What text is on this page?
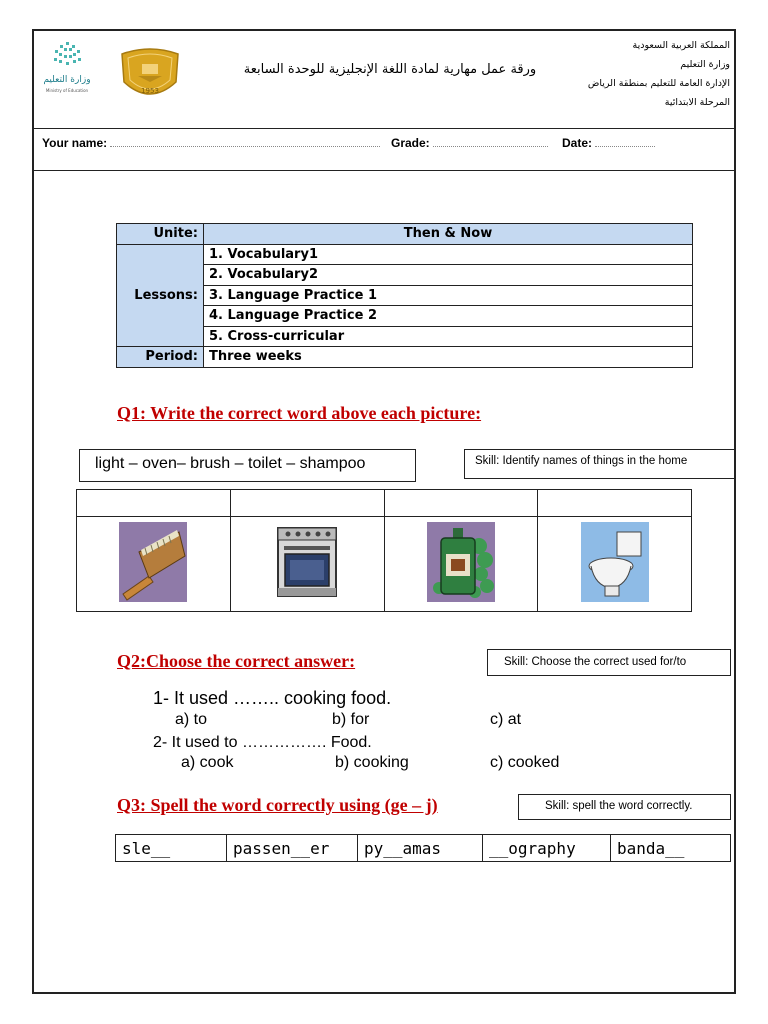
وزارة التعليم
Ministry of Education	1953
ورقة عمل مهارية لمادة اللغة الإنجليزية للوحدة السابعة
المملكة العربية السعودية
وزارة التعليم
الإدارة العامة للتعليم بمنطقة الرياض
المرحلة الابتدائية
Your name:	Grade:	Date:
Unite:	Then & Now
Lessons:	1. Vocabulary1
	2. Vocabulary2
	3. Language Practice 1
	4. Language Practice 2
	5. Cross-curricular
Period:	Three weeks
Q1: Write the correct word above each picture:
light – oven– brush – toilet – shampoo	Skill: Identify names of things in the home

Q2:Choose the correct answer:	Skill: Choose the correct used for/to
1- It used …….. cooking food.
a) to	b) for	c) at
2- It used to ……………. Food.
a) cook	b) cooking	c) cooked
Q3: Spell the word correctly using (ge – j)	Skill: spell the word correctly.
sle__	passen__er	py__amas	__ography	banda__
